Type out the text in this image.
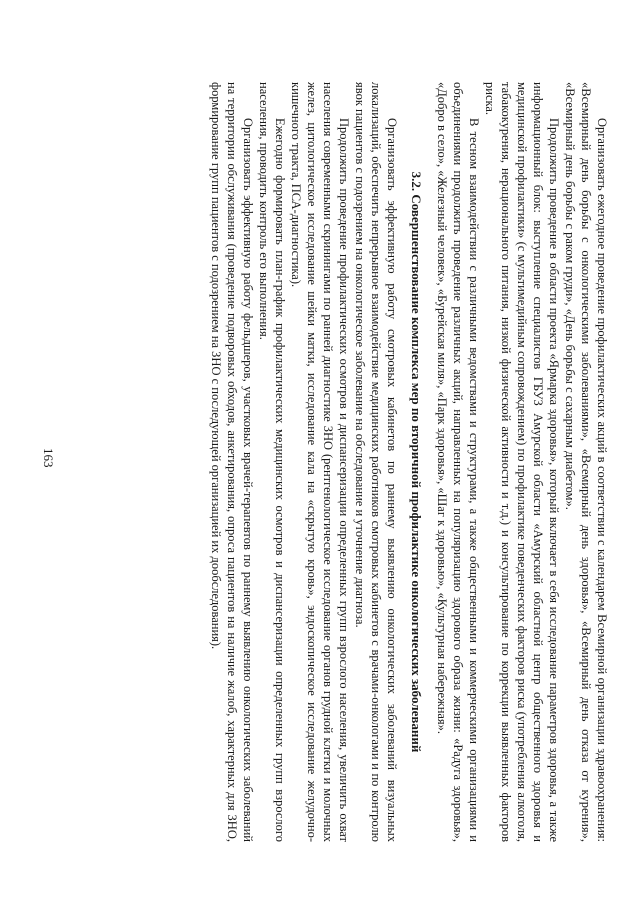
163	Организовать ежегодное проведение профилактических акций в соответствии с календарем Всемирной организации здравоохранения: «Всемирный день борьбы с онкологическими заболеваниями», «Всемирный день здоровья», «Всемирный день отказа от курения», «Всемирный день борьбы с раком груди», «День борьбы с сахарным диабетом».

Продолжить проведение в области проекта «Ярмарка здоровья», который включает в себя исследование параметров здоровья, а также информационный блок: выступление специалистов ГБУЗ Амурской области «Амурский областной центр общественного здоровья и медицинской профилактики» (с мультимедийным сопровождением) по профилактике поведенческих факторов риска (употребления алкоголя, табакокурения, нерационального питания, низкой физической активности и т.д.) и консультирование по коррекции выявленных факторов риска.

В тесном взаимодействии с различными ведомствами и структурами, а также общественными и коммерческими организациями и объединениями продолжить проведение различных акций, направленных на популяризацию здорового образа жизни: «Радуга здоровья», «Добро в село», «Железный человек», «Бурейская миля», «Парк здоровья», «Шаг к здоровью», «Культурная набережная».

3.2. Совершенствование комплекса мер по вторичной профилактике онкологических заболеваний

Организовать эффективную работу смотровых кабинетов по раннему выявлению онкологических заболеваний визуальных локализаций, обеспечить непрерывное взаимодействие медицинских работников смотровых кабинетов с врачами-онкологами и по контролю явок пациентов с подозрением на онкологическое заболевание на обследование и уточнение диагноза.

Продолжить проведение профилактических осмотров и диспансеризации определенных групп взрослого населения, увеличить охват населения современными скринингами по ранней диагностике ЗНО (рентгенологическое исследование органов грудной клетки и молочных желез, цитологическое исследование шейки матки, исследование кала на «скрытую кровь», эндоскопическое исследование желудочно-кишечного тракта, ПСА-диагностика).

Ежегодно формировать план-график профилактических медицинских осмотров и диспансеризации определенных групп взрослого населения, проводить контроль его выполнения.

Организовать эффективную работу фельдшеров, участковых врачей-терапевтов по раннему выявлению онкологических заболеваний на территории обслуживания (проведение подворовых обходов, анкетирования, опроса пациентов на наличие жалоб, характерных для ЗНО, формирование групп пациентов с подозрением на ЗНО с последующей организацией их дообследования).
